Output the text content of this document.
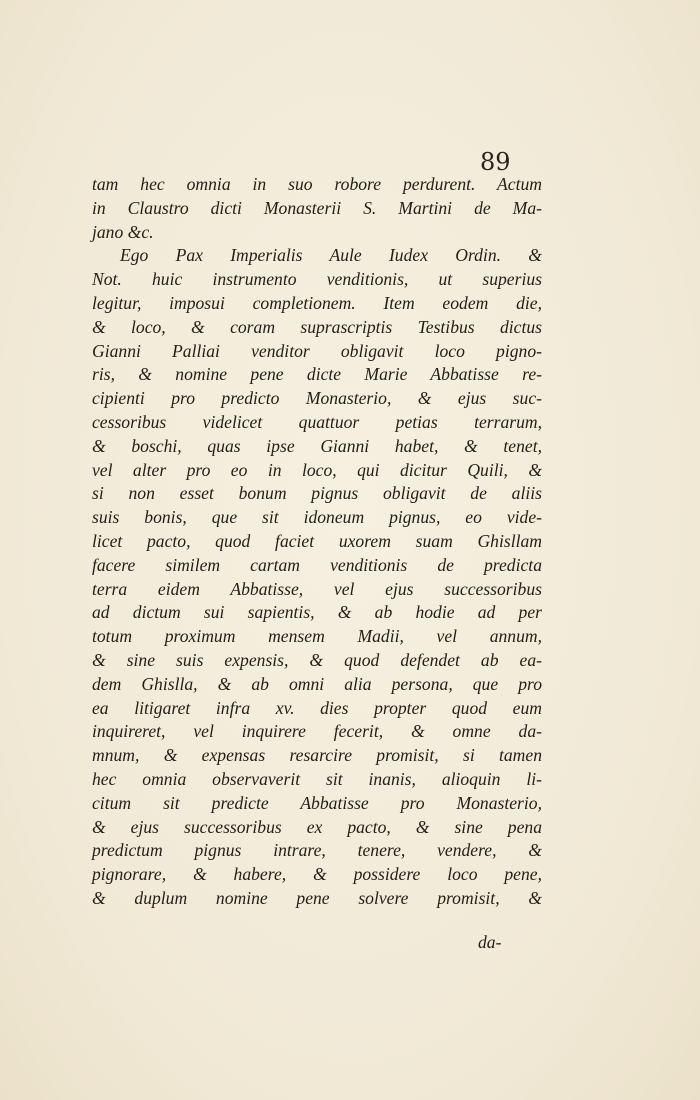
89
tam hec omnia in suo robore perdurent. Actum
in Claustro dicti Monasterii S. Martini de Ma-
jano &c.
Ego Pax Imperialis Aule Iudex Ordin. &
Not. huic instrumento venditionis, ut superius
legitur, imposui completionem. Item eodem die,
& loco, & coram suprascriptis Testibus dictus
Gianni Palliai venditor obligavit loco pigno-
ris, & nomine pene dicte Marie Abbatisse re-
cipienti pro predicto Monasterio, & ejus suc-
cessoribus videlicet quattuor petias terrarum,
& boschi, quas ipse Gianni habet, & tenet,
vel alter pro eo in loco, qui dicitur Quili, &
si non esset bonum pignus obligavit de aliis
suis bonis, que sit idoneum pignus, eo vide-
licet pacto, quod faciet uxorem suam Ghisllam
facere similem cartam venditionis de predicta
terra eidem Abbatisse, vel ejus successoribus
ad dictum sui sapientis, & ab hodie ad per
totum proximum mensem Madii, vel annum,
& sine suis expensis, & quod defendet ab ea-
dem Ghislla, & ab omni alia persona, que pro
ea litigaret infra xv. dies propter quod eum
inquireret, vel inquirere fecerit, & omne da-
mnum, & expensas resarcire promisit, si tamen
hec omnia observaverit sit inanis, alioquin li-
citum sit predicte Abbatisse pro Monasterio,
& ejus successoribus ex pacto, & sine pena
predictum pignus intrare, tenere, vendere, &
pignorare, & habere, & possidere loco pene,
& duplum nomine pene solvere promisit, &
da-
